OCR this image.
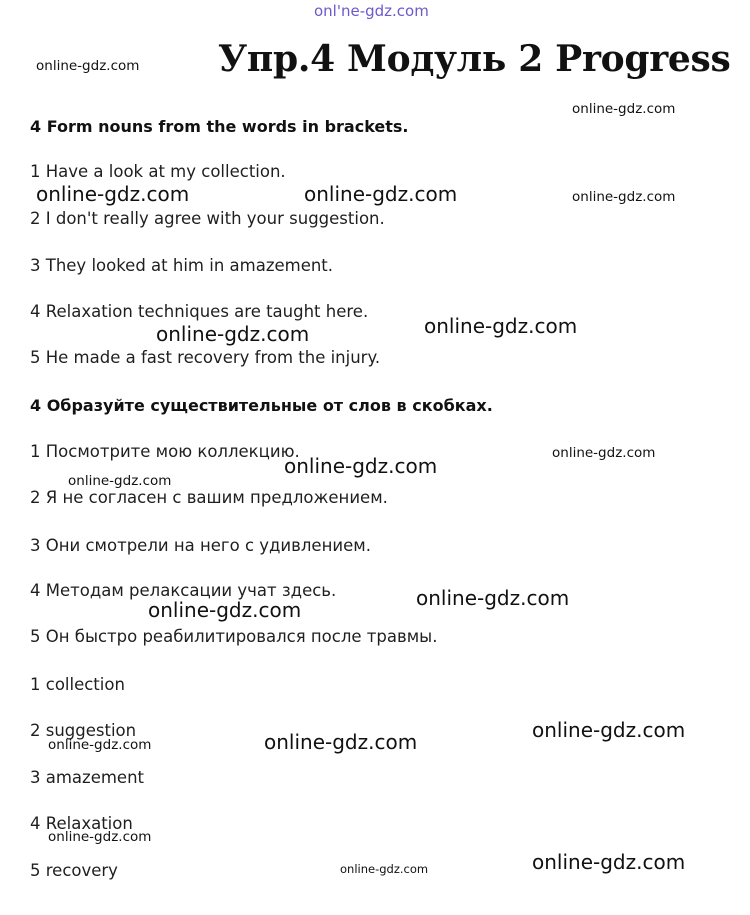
onl'ne-gdz.com
Упр.4 Модуль 2 Progress
4 Form nouns from the words in brackets.
1 Have a look at my collection.
2 I don't really agree with your suggestion.
3 They looked at him in amazement.
4 Relaxation techniques are taught here.
5 He made a fast recovery from the injury.
4 Образуйте существительные от слов в скобках.
1 Посмотрите мою коллекцию.
2 Я не согласен с вашим предложением.
3 Они смотрели на него с удивлением.
4 Методам релаксации учат здесь.
5 Он быстро реабилитировался после травмы.
1 collection
2 suggestion
3 amazement
4 Relaxation
5 recovery
online-gdz.com
online-gdz.com
online-gdz.com	online-gdz.com	online-gdz.com
online-gdz.com
online-gdz.com
online-gdz.com
online-gdz.com
online-gdz.com
online-gdz.com
online-gdz.com
online-gdz.com
online-gdz.com
online-gdz.com
online-gdz.com
online-gdz.com
online-gdz.com
